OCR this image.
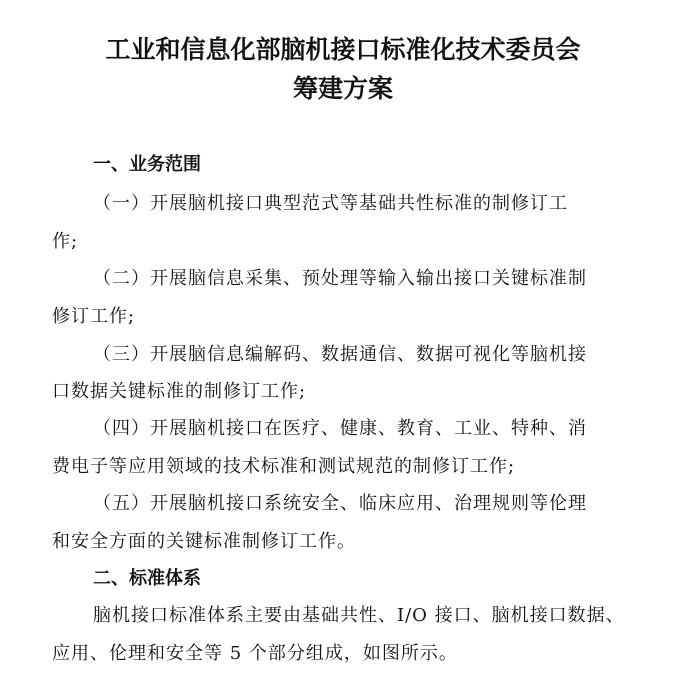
工业和信息化部脑机接口标准化技术委员会
筹建方案
一、业务范围
（一）开展脑机接口典型范式等基础共性标准的制修订工
作;
（二）开展脑信息采集、预处理等输入输出接口关键标准制
修订工作;
（三）开展脑信息编解码、数据通信、数据可视化等脑机接
口数据关键标准的制修订工作;
（四）开展脑机接口在医疗、健康、教育、工业、特种、消
费电子等应用领域的技术标准和测试规范的制修订工作;
（五）开展脑机接口系统安全、临床应用、治理规则等伦理
和安全方面的关键标准制修订工作。
二、标准体系
脑机接口标准体系主要由基础共性、I/O 接口、脑机接口数据、
应用、伦理和安全等 5 个部分组成，如图所示。
